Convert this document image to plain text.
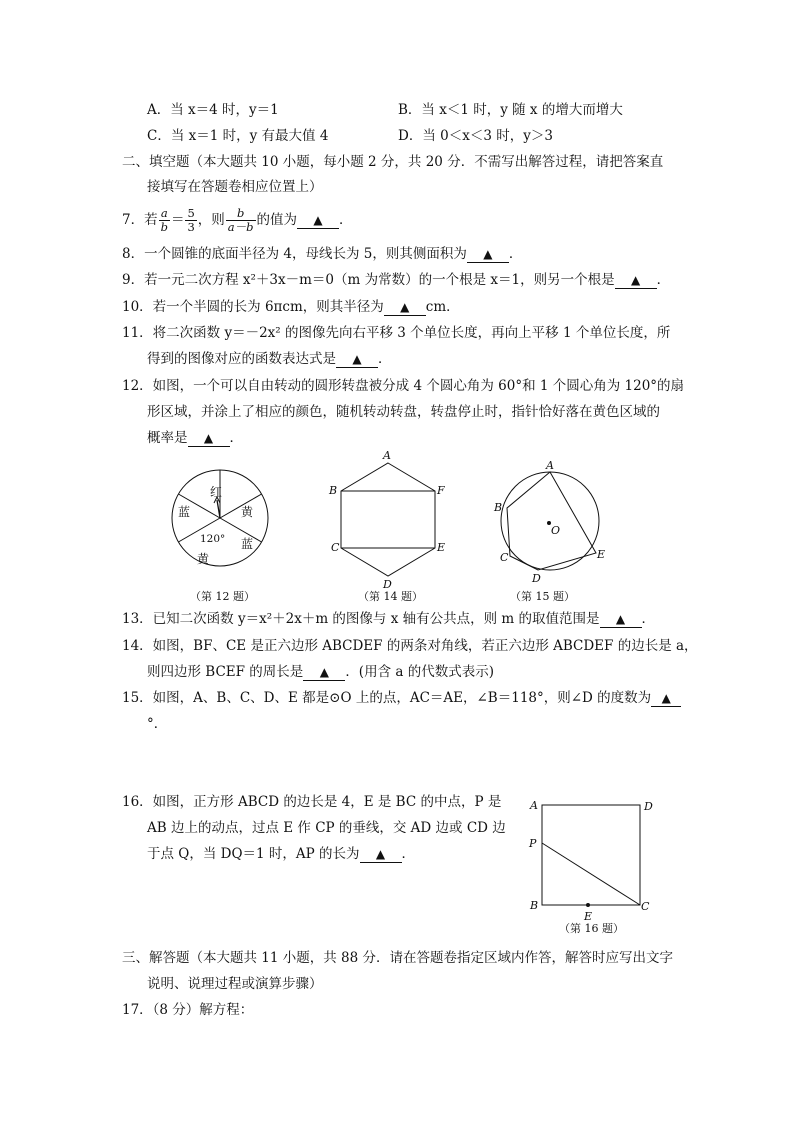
A．当 x＝4 时，y＝1	B．当 x＜1 时，y 随 x 的增大而增大
C．当 x＝1 时，y 有最大值 4	D．当 0＜x＜3 时，y＞3
二、填空题（本大题共 10 小题，每小题 2 分，共 20 分．不需写出解答过程，请把答案直
接填写在答题卷相应位置上）
7．若 $\frac{a}{b} = \frac{5}{3}$ ，则 $\frac{b}{a-b}$ 的值为 ▲ ．
8．一个圆锥的底面半径为 4，母线长为 5，则其侧面积为 ▲ ．
9．若一元二次方程 x²＋3x－m＝0（m 为常数）的一个根是 x＝1，则另一个根是 ▲ ．
10．若一个半圆的长为 6πcm，则其半径为 ▲ cm．
11．将二次函数 y＝－2x² 的图像先向右平移 3 个单位长度，再向上平移 1 个单位长度，所
得到的图像对应的函数表达式是 ▲ ．
12．如图，一个可以自由转动的圆形转盘被分成 4 个圆心角为 60°和 1 个圆心角为 120°的扇
形区域，并涂上了相应的颜色，随机转动转盘，转盘停止时，指针恰好落在黄色区域的
概率是 ▲ ．
红
蓝	黄
蓝
黄
120°
（第 12 题）
A
B
C
D
E
F
（第 14 题）
A
B
C
D
E
O
（第 15 题）
13．已知二次函数 y＝x²＋2x＋m 的图像与 x 轴有公共点，则 m 的取值范围是 ▲ ．
14．如图，BF、CE 是正六边形 ABCDEF 的两条对角线，若正六边形 ABCDEF 的边长是 a，
则四边形 BCEF 的周长是 ▲ ．(用含 a 的代数式表示)
15．如图，A、B、C、D、E 都是⊙O 上的点，AC＝AE，∠B＝118°，则∠D 的度数为 ▲
°．
16．如图，正方形 ABCD 的边长是 4，E 是 BC 的中点，P 是
AB 边上的动点，过点 E 作 CP 的垂线，交 AD 边或 CD 边
于点 Q，当 DQ＝1 时，AP 的长为 ▲ ．
A	D
P
B	C
E
（第 16 题）
三、解答题（本大题共 11 小题，共 88 分．请在答题卷指定区域内作答，解答时应写出文字
说明、说理过程或演算步骤）
17．（8 分）解方程：
